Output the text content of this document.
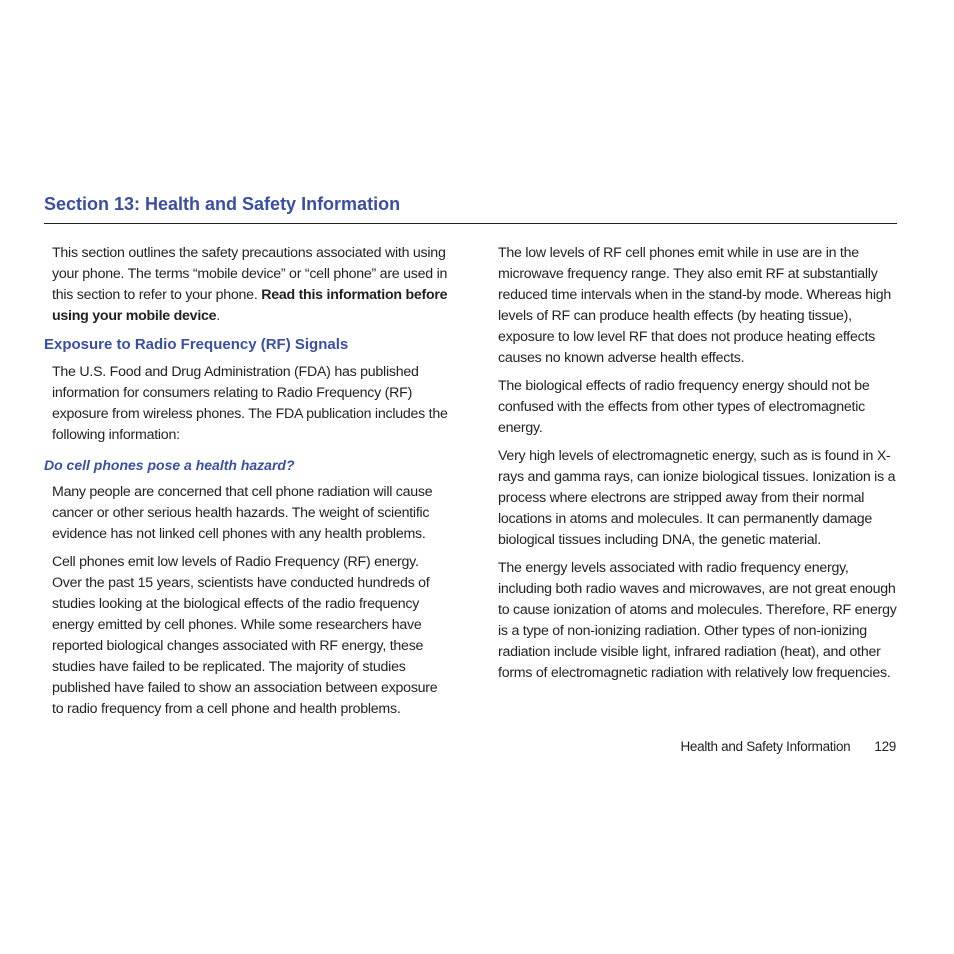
Section 13: Health and Safety Information

This section outlines the safety precautions associated with using your phone. The terms “mobile device” or “cell phone” are used in this section to refer to your phone. Read this information before using your mobile device.

Exposure to Radio Frequency (RF) Signals

The U.S. Food and Drug Administration (FDA) has published information for consumers relating to Radio Frequency (RF) exposure from wireless phones. The FDA publication includes the following information:

Do cell phones pose a health hazard?

Many people are concerned that cell phone radiation will cause cancer or other serious health hazards. The weight of scientific evidence has not linked cell phones with any health problems.

Cell phones emit low levels of Radio Frequency (RF) energy. Over the past 15 years, scientists have conducted hundreds of studies looking at the biological effects of the radio frequency energy emitted by cell phones. While some researchers have reported biological changes associated with RF energy, these studies have failed to be replicated. The majority of studies published have failed to show an association between exposure to radio frequency from a cell phone and health problems.

The low levels of RF cell phones emit while in use are in the microwave frequency range. They also emit RF at substantially reduced time intervals when in the stand-by mode. Whereas high levels of RF can produce health effects (by heating tissue), exposure to low level RF that does not produce heating effects causes no known adverse health effects.

The biological effects of radio frequency energy should not be confused with the effects from other types of electromagnetic energy.

Very high levels of electromagnetic energy, such as is found in X-rays and gamma rays, can ionize biological tissues. Ionization is a process where electrons are stripped away from their normal locations in atoms and molecules. It can permanently damage biological tissues including DNA, the genetic material.

The energy levels associated with radio frequency energy, including both radio waves and microwaves, are not great enough to cause ionization of atoms and molecules. Therefore, RF energy is a type of non-ionizing radiation. Other types of non-ionizing radiation include visible light, infrared radiation (heat), and other forms of electromagnetic radiation with relatively low frequencies.

Health and Safety Information 129
